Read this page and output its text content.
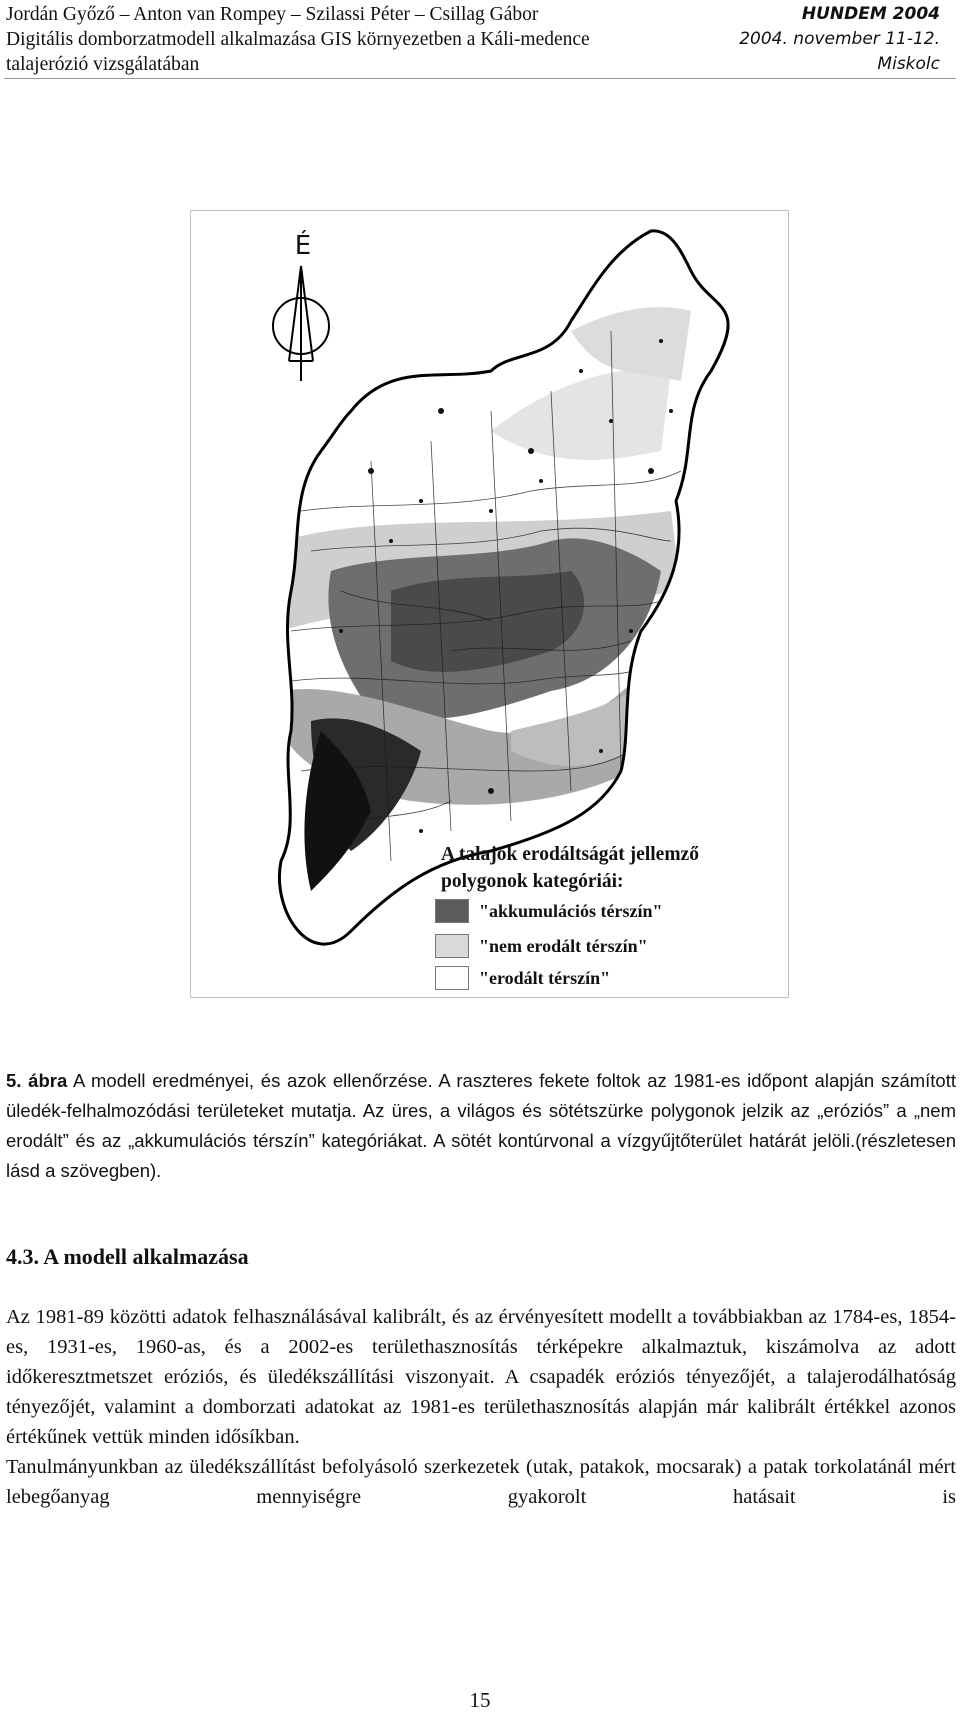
Jordán Győző – Anton van Rompey – Szilassi Péter – Csillag Gábor
Digitális domborzatmodell alkalmazása GIS környezetben a Káli-medence
talajerózió vizsgálatában
HUNDEM 2004
2004. november 11-12.
Miskolc
É
A talajok erodáltságát jellemző
polygonok kategóriái:
"akkumulációs térszín"
"nem erodált térszín"
"erodált térszín"
5. ábra A modell eredményei, és azok ellenőrzése. A raszteres fekete foltok az 1981-es időpont alapján számított üledék-felhalmozódási területeket mutatja. Az üres, a világos és sötétszürke polygonok jelzik az „eróziós” a „nem erodált” és az „akkumulációs térszín” kategóriákat. A sötét kontúrvonal a vízgyűjtőterület határát jelöli.(részletesen lásd a szövegben).
4.3. A modell alkalmazása

Az 1981-89 közötti adatok felhasználásával kalibrált, és az érvényesített modellt a továbbiakban az 1784-es, 1854-es, 1931-es, 1960-as, és a 2002-es területhasznosítás térképekre alkalmaztuk, kiszámolva az adott időkeresztmetszet eróziós, és üledékszállítási viszonyait. A csapadék eróziós tényezőjét, a talajerodálhatóság tényezőjét, valamint a domborzati adatokat az 1981-es területhasznosítás alapján már kalibrált értékkel azonos értékűnek vettük minden idősíkban.

Tanulmányunkban az üledékszállítást befolyásoló szerkezetek (utak, patakok, mocsarak) a patak torkolatánál mért lebegőanyag mennyiségre gyakorolt hatásait is

15
